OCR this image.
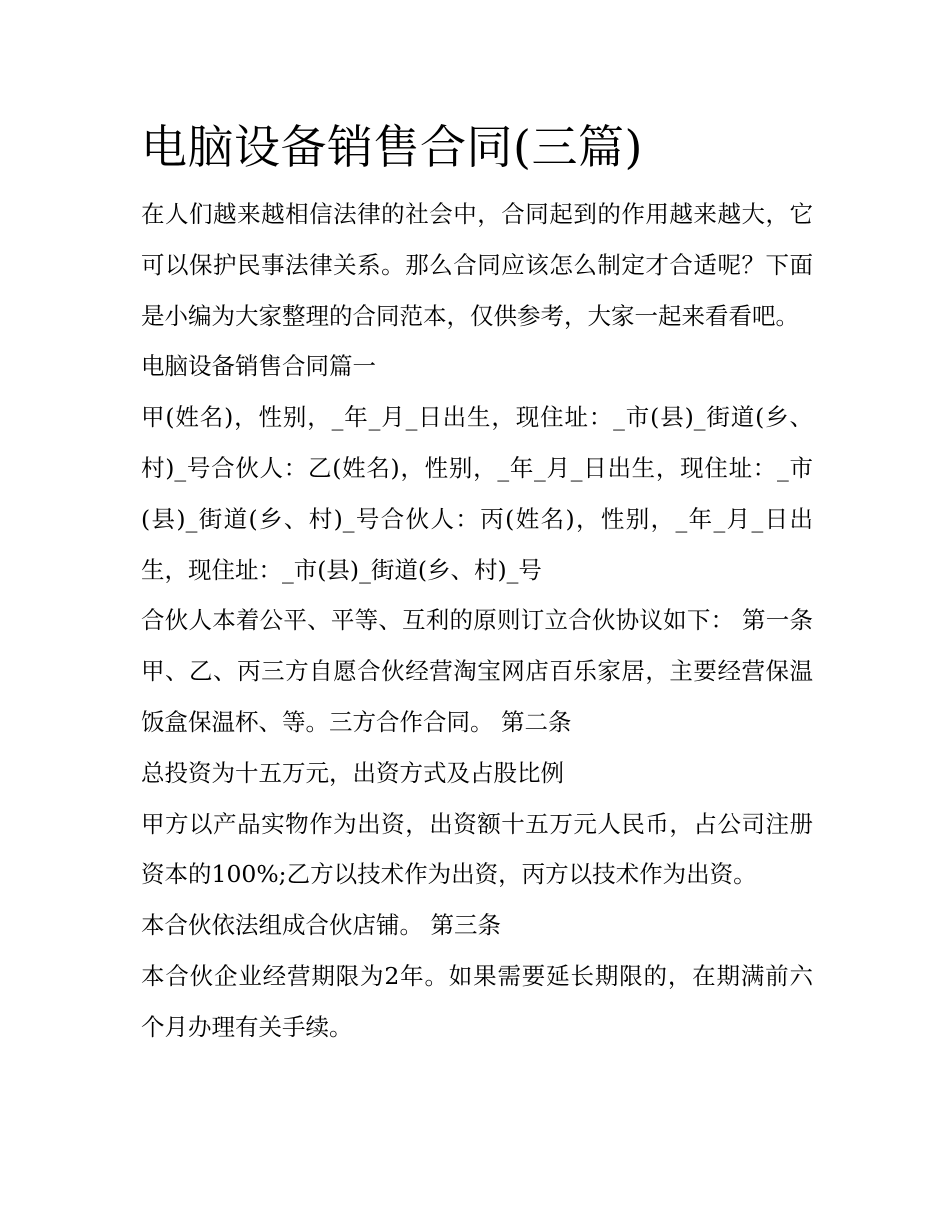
电脑设备销售合同(三篇)

在人们越来越相信法律的社会中，合同起到的作用越来越大，它可以保护民事法律关系。那么合同应该怎么制定才合适呢？下面是小编为大家整理的合同范本，仅供参考，大家一起来看看吧。

电脑设备销售合同篇一

甲(姓名)，性别，_年_月_日出生，现住址：_市(县)_街道(乡、村)_号合伙人：乙(姓名)，性别，_年_月_日出生，现住址：_市(县)_街道(乡、村)_号合伙人：丙(姓名)，性别，_年_月_日出生，现住址：_市(县)_街道(乡、村)_号

合伙人本着公平、平等、互利的原则订立合伙协议如下： 第一条 甲、乙、丙三方自愿合伙经营淘宝网店百乐家居，主要经营保温饭盒保温杯、等。三方合作合同。 第二条

总投资为十五万元，出资方式及占股比例

甲方以产品实物作为出资，出资额十五万元人民币，占公司注册资本的100%;乙方以技术作为出资，丙方以技术作为出资。

本合伙依法组成合伙店铺。 第三条

本合伙企业经营期限为2年。如果需要延长期限的，在期满前六个月办理有关手续。
